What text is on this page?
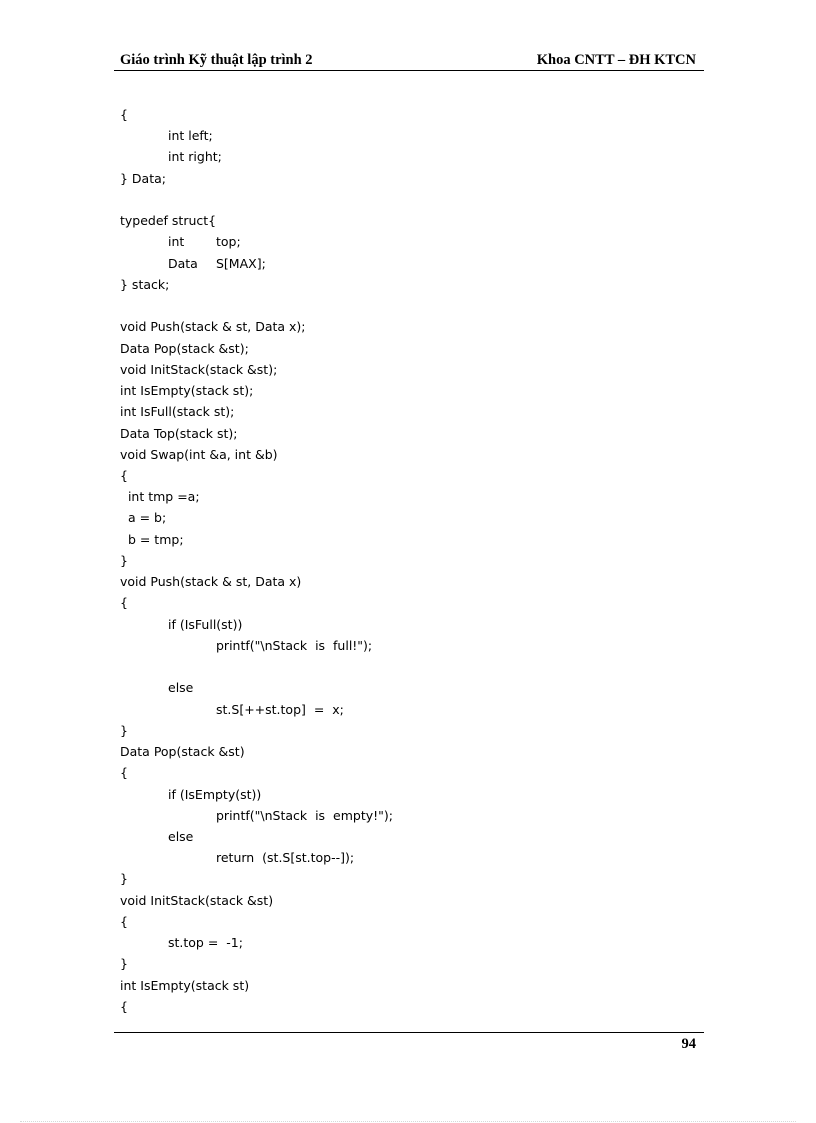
Giáo trình Kỹ thuật lập trình 2	Khoa CNTT – ĐH KTCN
{
int left;
int right;
} Data;
typedef struct{
int	top;
Data S[MAX];
} stack;
void Push(stack & st, Data x);
Data Pop(stack &st);
void InitStack(stack &st);
int IsEmpty(stack st);
int IsFull(stack st);
Data Top(stack st);
void Swap(int &a, int &b)
{
int tmp =a;
a = b;
b = tmp;
}
void Push(stack & st, Data x)
{
if (IsFull(st))
printf("\nStack  is  full!");
else
st.S[++st.top]  =  x;
}
Data Pop(stack &st)
{
if (IsEmpty(st))
printf("\nStack  is  empty!");
else
return  (st.S[st.top--]);
}
void InitStack(stack &st)
{
st.top =  -1;
}
int IsEmpty(stack st)
{
94
